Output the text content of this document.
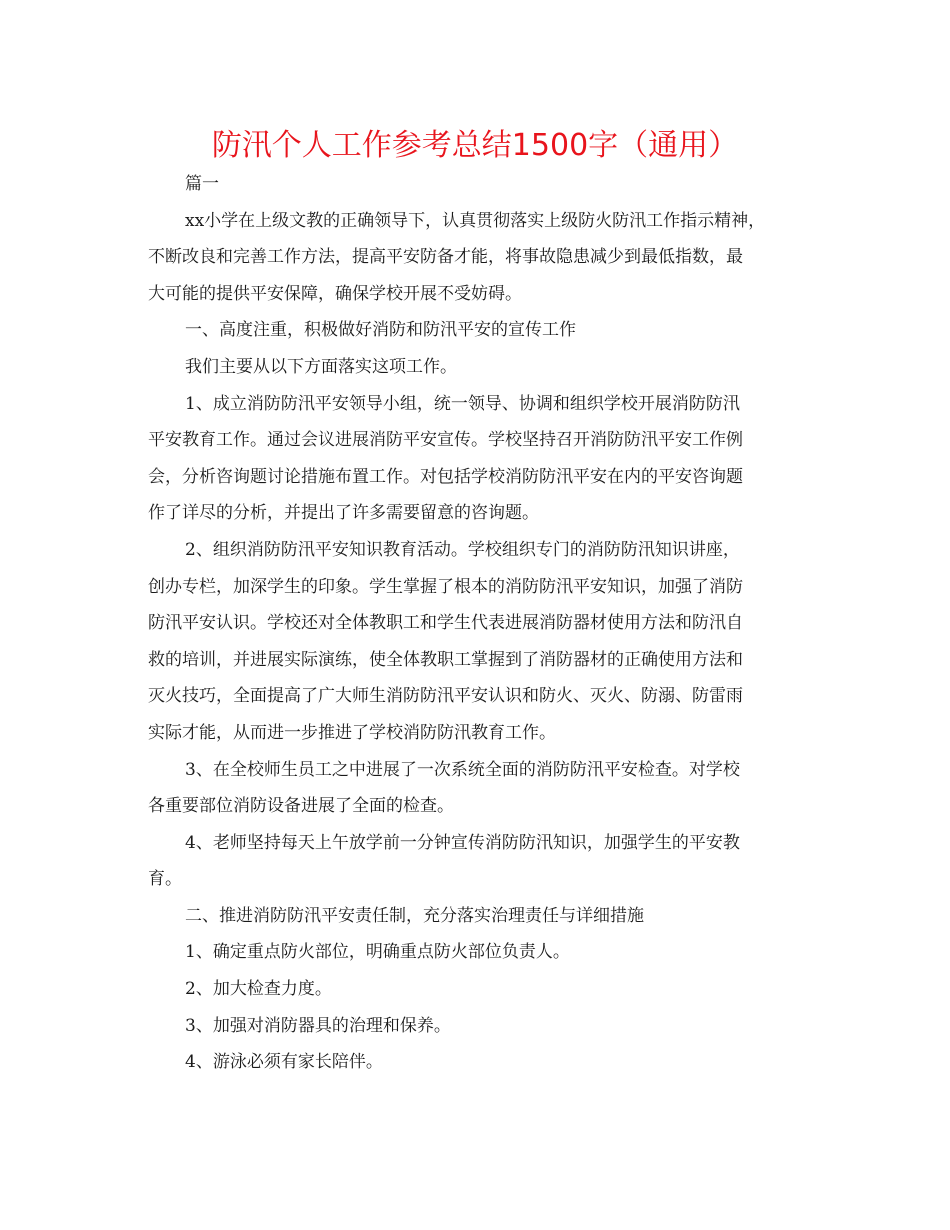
防汛个人工作参考总结1500字（通用）
篇一
xx小学在上级文教的正确领导下，认真贯彻落实上级防火防汛工作指示精神，
不断改良和完善工作方法，提高平安防备才能，将事故隐患减少到最低指数，最
大可能的提供平安保障，确保学校开展不受妨碍。
一、高度注重，积极做好消防和防汛平安的宣传工作
我们主要从以下方面落实这项工作。
1、成立消防防汛平安领导小组，统一领导、协调和组织学校开展消防防汛
平安教育工作。通过会议进展消防平安宣传。学校坚持召开消防防汛平安工作例
会，分析咨询题讨论措施布置工作。对包括学校消防防汛平安在内的平安咨询题
作了详尽的分析，并提出了许多需要留意的咨询题。
2、组织消防防汛平安知识教育活动。学校组织专门的消防防汛知识讲座，
创办专栏，加深学生的印象。学生掌握了根本的消防防汛平安知识，加强了消防
防汛平安认识。学校还对全体教职工和学生代表进展消防器材使用方法和防汛自
救的培训，并进展实际演练，使全体教职工掌握到了消防器材的正确使用方法和
灭火技巧，全面提高了广大师生消防防汛平安认识和防火、灭火、防溺、防雷雨
实际才能，从而进一步推进了学校消防防汛教育工作。
3、在全校师生员工之中进展了一次系统全面的消防防汛平安检查。对学校
各重要部位消防设备进展了全面的检查。
4、老师坚持每天上午放学前一分钟宣传消防防汛知识，加强学生的平安教
育。
二、推进消防防汛平安责任制，充分落实治理责任与详细措施
1、确定重点防火部位，明确重点防火部位负责人。
2、加大检查力度。
3、加强对消防器具的治理和保养。
4、游泳必须有家长陪伴。
